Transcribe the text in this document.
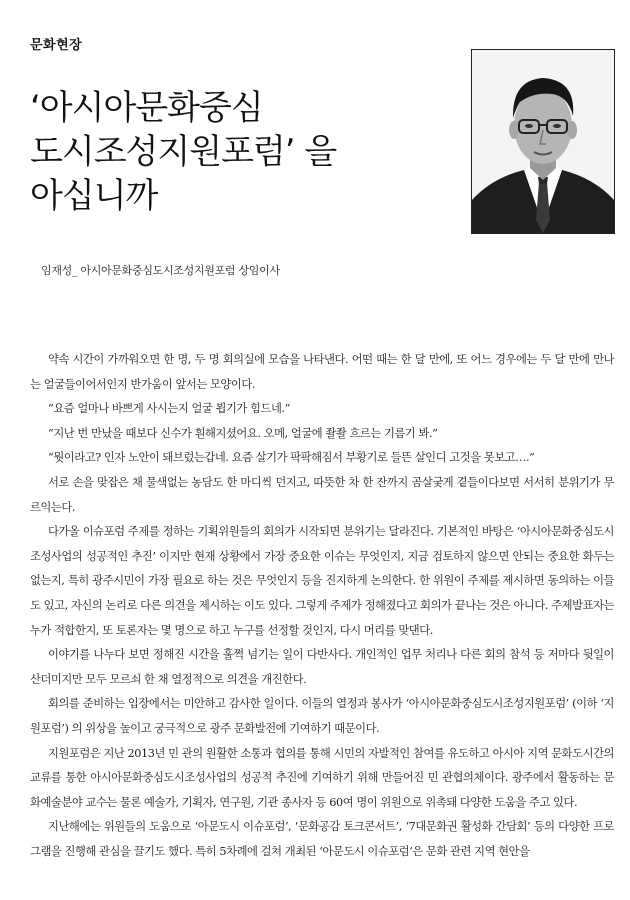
문화현장
‘아시아문화중심
도시조성지원포럼’ 을
아십니까
임재성_ 아시아문화중심도시조성지원포럼 상임이사

약속 시간이 가까워오면 한 명, 두 명 회의실에 모습을 나타낸다. 어떤 때는 한 달 만에, 또 어느 경우에는 두 달 만에 만나는 얼굴들이어서인지 반가움이 앞서는 모양이다.

“요즘 얼마나 바쁘게 사시는지 얼굴 뵙기가 힘드네.”

“지난 번 만났을 때보다 신수가 훤해지셨어요. 오메, 얼굴에 좔좔 흐르는 기름기 봐.”

“뭣이라고? 인자 노안이 돼브렀는갑네. 요즘 살기가 팍팍해짐서 부황기로 들뜬 살인디 고것을 못보고….”

서로 손을 맞잡은 채 물색없는 농담도 한 마디씩 던지고, 따뜻한 차 한 잔까지 곰살궂게 곁들이다보면 서서히 분위기가 무르익는다.

다가올 이슈포럼 주제를 정하는 기획위원들의 회의가 시작되면 분위기는 달라진다. 기본적인 바탕은 ‘아시아문화중심도시 조성사업의 성공적인 추진’ 이지만 현재 상황에서 가장 중요한 이슈는 무엇인지, 지금 검토하지 않으면 안되는 중요한 화두는 없는지, 특히 광주시민이 가장 필요로 하는 것은 무엇인지 등을 진지하게 논의한다. 한 위원이 주제를 제시하면 동의하는 이들도 있고, 자신의 논리로 다른 의견을 제시하는 이도 있다. 그렇게 주제가 정해졌다고 회의가 끝나는 것은 아니다. 주제발표자는 누가 적합한지, 또 토론자는 몇 명으로 하고 누구를 선정할 것인지, 다시 머리를 맞댄다.

이야기를 나누다 보면 정해진 시간을 훌쩍 넘기는 일이 다반사다. 개인적인 업무 처리나 다른 회의 참석 등 저마다 뒷일이 산더미지만 모두 모르쇠 한 채 열정적으로 의견을 개진한다.

회의를 준비하는 입장에서는 미안하고 감사한 일이다. 이들의 열정과 봉사가 ‘아시아문화중심도시조성지원포럼’ (이하 ‘지원포럼’) 의 위상을 높이고 궁극적으로 광주 문화발전에 기여하기 때문이다.

지원포럼은 지난 2013년 민 관의 원활한 소통과 협의를 통해 시민의 자발적인 참여를 유도하고 아시아 지역 문화도시간의 교류를 통한 아시아문화중심도시조성사업의 성공적 추진에 기여하기 위해 만들어진 민 관협의체이다. 광주에서 활동하는 문화예술분야 교수는 물론 예술가, 기획자, 연구원, 기관 종사자 등 60여 명이 위원으로 위촉돼 다양한 도움을 주고 있다.

지난해에는 위원들의 도움으로 ‘아문도시 이슈포럼’, ‘문화공감 토크콘서트’, ‘7대문화권 활성화 간담회’ 등의 다양한 프로그램을 진행해 관심을 끌기도 했다. 특히 5차례에 걸쳐 개최된 ‘아문도시 이슈포럼’은 문화 관련 지역 현안을
